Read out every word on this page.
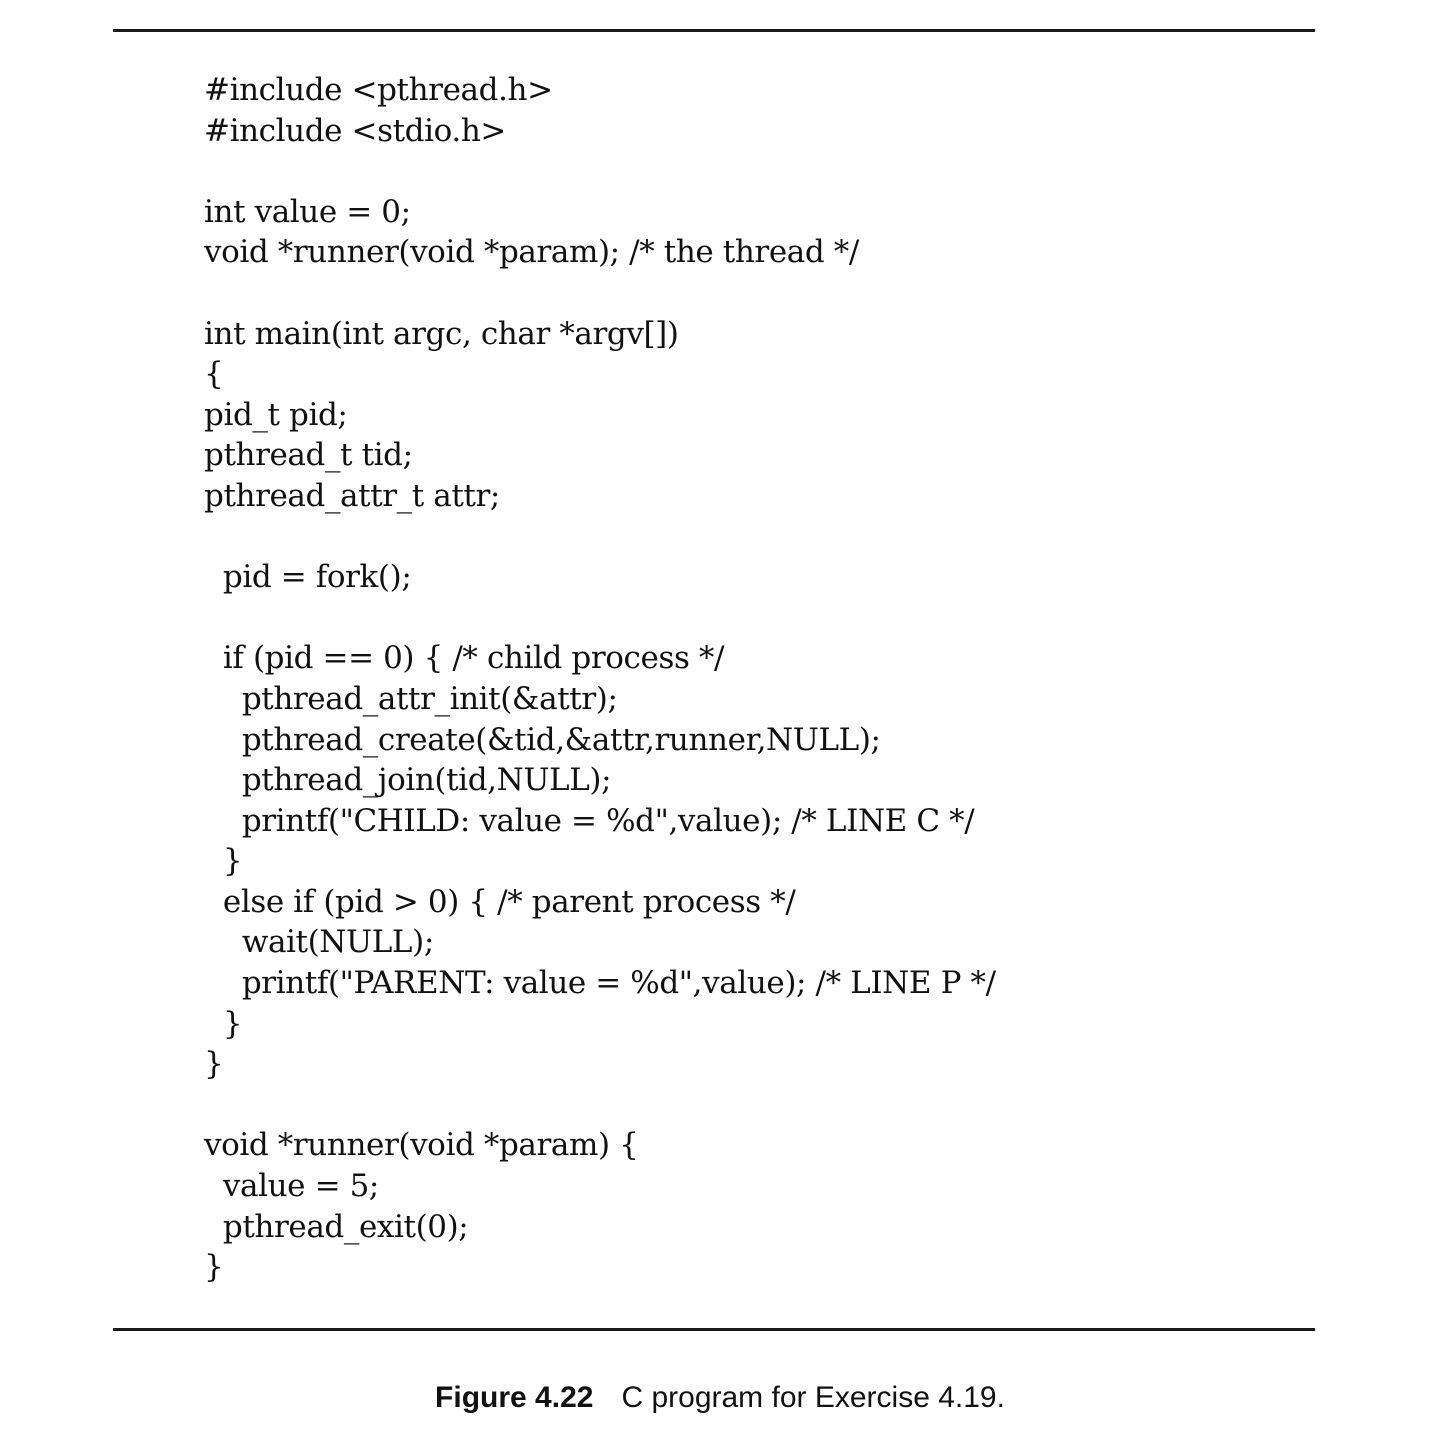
#include <pthread.h>
#include <stdio.h>
int value = 0;
void *runner(void *param); /* the thread */
int main(int argc, char *argv[])
{
pid_t pid;
pthread_t tid;
pthread_attr_t attr;
pid = fork();
if (pid == 0) { /* child process */
pthread_attr_init(&attr);
pthread_create(&tid,&attr,runner,NULL);
pthread_join(tid,NULL);
printf("CHILD: value = %d",value); /* LINE C */
}
else if (pid > 0) { /* parent process */
wait(NULL);
printf("PARENT: value = %d",value); /* LINE P */
}
}
void *runner(void *param) {
value = 5;
pthread_exit(0);
}
Figure 4.22 C program for Exercise 4.19.
